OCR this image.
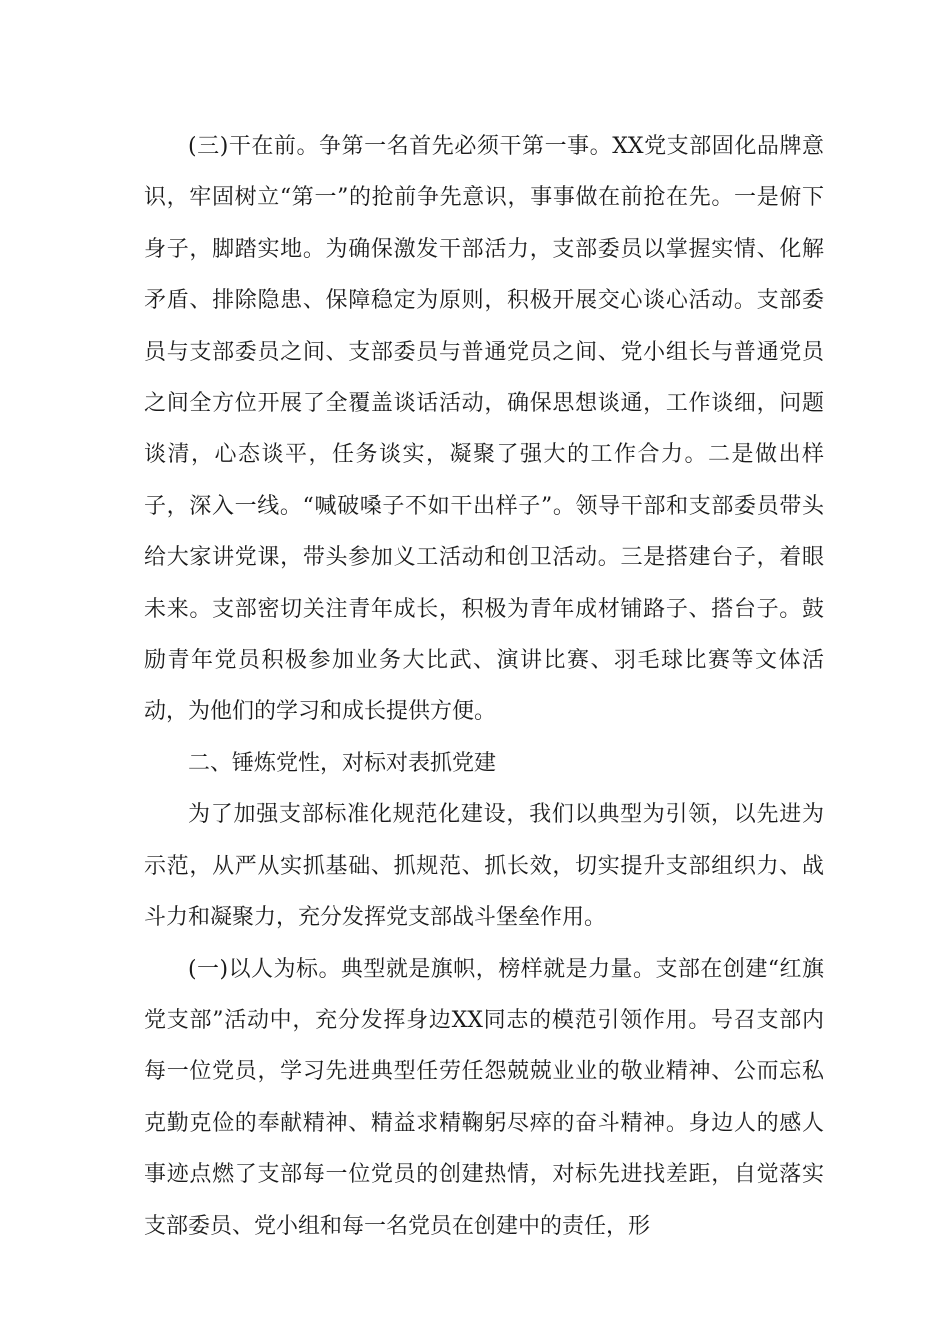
(三)干在前。争第一名首先必须干第一事。XX党支部固化品牌意识，牢固树立“第一”的抢前争先意识，事事做在前抢在先。一是俯下身子，脚踏实地。为确保激发干部活力，支部委员以掌握实情、化解矛盾、排除隐患、保障稳定为原则，积极开展交心谈心活动。支部委员与支部委员之间、支部委员与普通党员之间、党小组长与普通党员之间全方位开展了全覆盖谈话活动，确保思想谈通，工作谈细，问题谈清，心态谈平，任务谈实，凝聚了强大的工作合力。二是做出样子，深入一线。“喊破嗓子不如干出样子”。领导干部和支部委员带头给大家讲党课，带头参加义工活动和创卫活动。三是搭建台子，着眼未来。支部密切关注青年成长，积极为青年成材铺路子、搭台子。鼓励青年党员积极参加业务大比武、演讲比赛、羽毛球比赛等文体活动，为他们的学习和成长提供方便。

二、锤炼党性，对标对表抓党建

为了加强支部标准化规范化建设，我们以典型为引领，以先进为示范，从严从实抓基础、抓规范、抓长效，切实提升支部组织力、战斗力和凝聚力，充分发挥党支部战斗堡垒作用。

(一)以人为标。典型就是旗帜，榜样就是力量。支部在创建“红旗党支部”活动中，充分发挥身边XX同志的模范引领作用。号召支部内每一位党员，学习先进典型任劳任怨兢兢业业的敬业精神、公而忘私克勤克俭的奉献精神、精益求精鞠躬尽瘁的奋斗精神。身边人的感人事迹点燃了支部每一位党员的创建热情，对标先进找差距，自觉落实支部委员、党小组和每一名党员在创建中的责任，形
